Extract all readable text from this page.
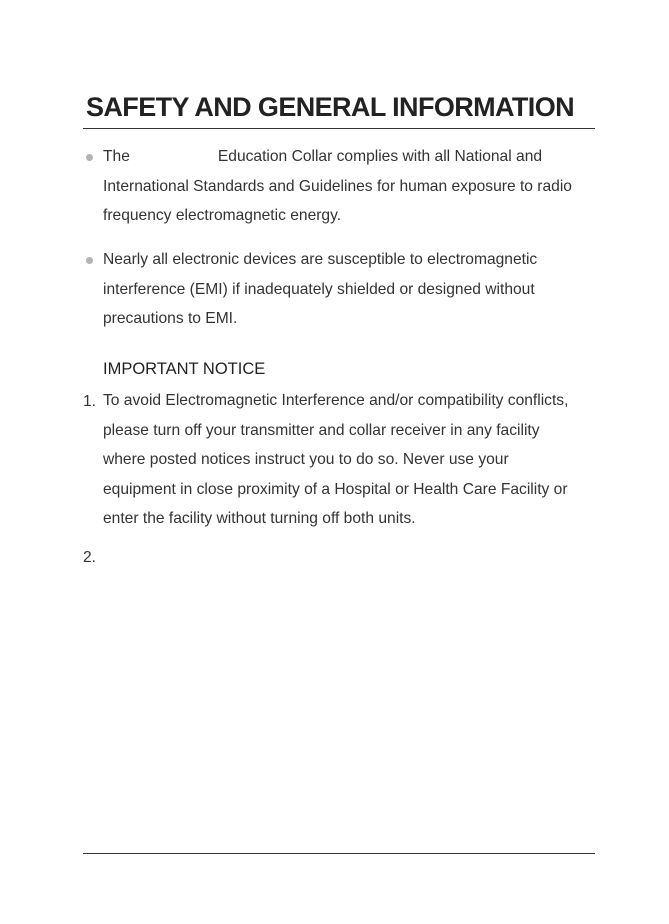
SAFETY AND GENERAL INFORMATION
The	Education Collar complies with all National and
International Standards and Guidelines for human exposure to radio
frequency electromagnetic energy.
Nearly all electronic devices are susceptible to electromagnetic
interference (EMI) if inadequately shielded or designed without
precautions to EMI.
IMPORTANT NOTICE
1. To avoid Electromagnetic Interference and/or compatibility conflicts,
please turn off your transmitter and collar receiver in any facility
where posted notices instruct you to do so. Never use your
equipment in close proximity of a Hospital or Health Care Facility or
enter the facility without turning off both units.
2.
